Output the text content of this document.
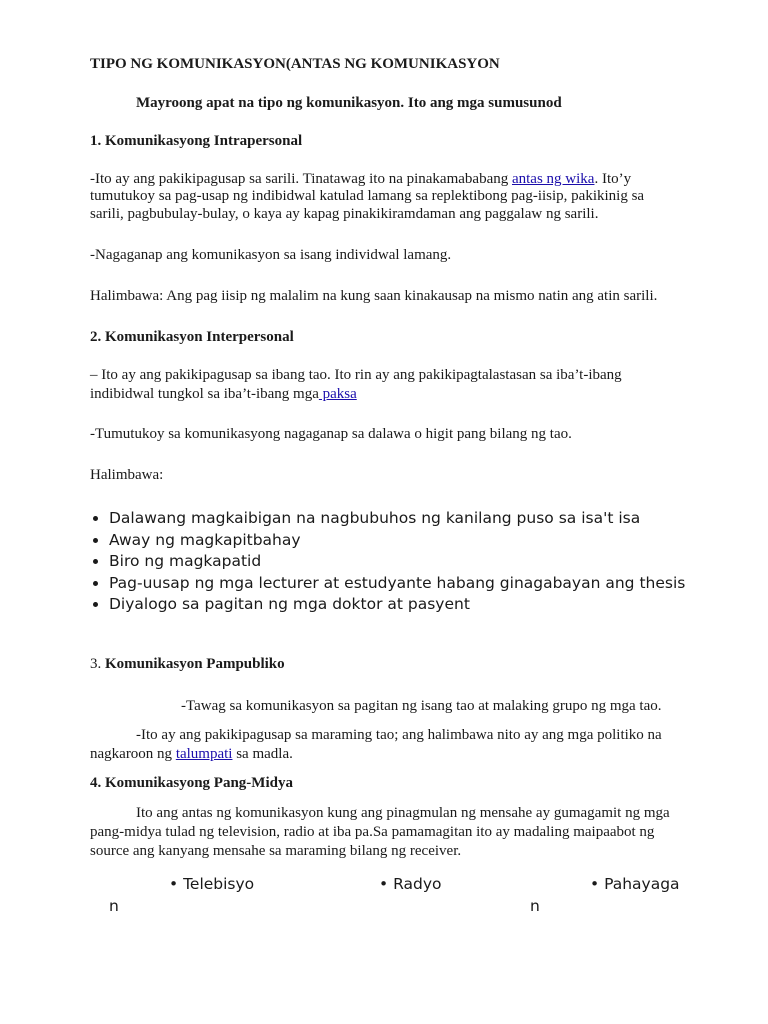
TIPO NG KOMUNIKASYON(ANTAS NG KOMUNIKASYON

Mayroong apat na tipo ng komunikasyon. Ito ang mga sumusunod

1. Komunikasyong Intrapersonal

-Ito ay ang pakikipagusap sa sarili. Tinatawag ito na pinakamababang antas ng wika. Ito’y

tumutukoy sa pag-usap ng indibidwal katulad lamang sa replektibong pag-iisip, pakikinig sa

sarili, pagbubulay-bulay, o kaya ay kapag pinakikiramdaman ang paggalaw ng sarili.

-Nagaganap ang komunikasyon sa isang individwal lamang.

Halimbawa: Ang pag iisip ng malalim na kung saan kinakausap na mismo natin ang atin sarili.

2. Komunikasyon Interpersonal

– Ito ay ang pakikipagusap sa ibang tao. Ito rin ay ang pakikipagtalastasan sa iba’t-ibang

indibidwal tungkol sa iba’t-ibang mga paksa

-Tumutukoy sa komunikasyong nagaganap sa dalawa o higit pang bilang ng tao.

Halimbawa:

• Dalawang magkaibigan na nagbubuhos ng kanilang puso sa isa't isa
• Away ng magkapitbahay
• Biro ng magkapatid
• Pag-uusap ng mga lecturer at estudyante habang ginagabayan ang thesis
• Diyalogo sa pagitan ng mga doktor at pasyent

3. Komunikasyon Pampubliko

-Tawag sa komunikasyon sa pagitan ng isang tao at malaking grupo ng mga tao.

-Ito ay ang pakikipagusap sa maraming tao; ang halimbawa nito ay ang mga politiko na

nagkaroon ng talumpati sa madla.

4. Komunikasyong Pang-Midya

Ito ang antas ng komunikasyon kung ang pinagmulan ng mensahe ay gumagamit ng mga

pang-midya tulad ng television, radio at iba pa.Sa pamamagitan ito ay madaling maipaabot ng

source ang kanyang mensahe sa maraming bilang ng receiver.

• Telebisyo	• Radyo	• Pahayaga

n	n
